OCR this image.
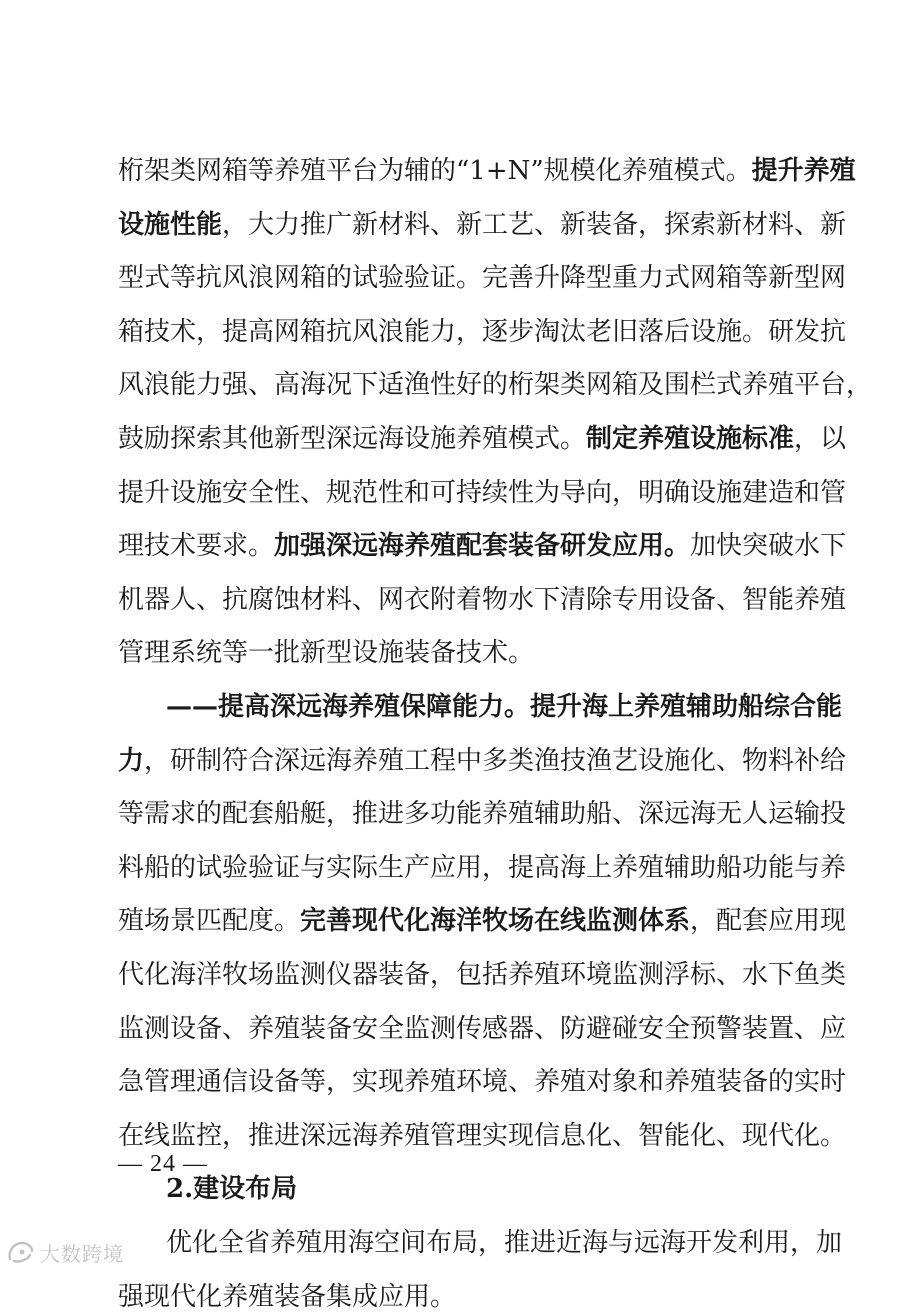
桁架类网箱等养殖平台为辅的“1+N”规模化养殖模式。提升养殖
设施性能，大力推广新材料、新工艺、新装备，探索新材料、新
型式等抗风浪网箱的试验验证。完善升降型重力式网箱等新型网
箱技术，提高网箱抗风浪能力，逐步淘汰老旧落后设施。研发抗
风浪能力强、高海况下适渔性好的桁架类网箱及围栏式养殖平台，
鼓励探索其他新型深远海设施养殖模式。制定养殖设施标准，以
提升设施安全性、规范性和可持续性为导向，明确设施建造和管
理技术要求。加强深远海养殖配套装备研发应用。加快突破水下
机器人、抗腐蚀材料、网衣附着物水下清除专用设备、智能养殖
管理系统等一批新型设施装备技术。
——提高深远海养殖保障能力。提升海上养殖辅助船综合能
力，研制符合深远海养殖工程中多类渔技渔艺设施化、物料补给
等需求的配套船艇，推进多功能养殖辅助船、深远海无人运输投
料船的试验验证与实际生产应用，提高海上养殖辅助船功能与养
殖场景匹配度。完善现代化海洋牧场在线监测体系，配套应用现
代化海洋牧场监测仪器装备，包括养殖环境监测浮标、水下鱼类
监测设备、养殖装备安全监测传感器、防避碰安全预警装置、应
急管理通信设备等，实现养殖环境、养殖对象和养殖装备的实时
在线监控，推进深远海养殖管理实现信息化、智能化、现代化。
2.建设布局
优化全省养殖用海空间布局，推进近海与远海开发利用，加
强现代化养殖装备集成应用。
— 24 —
大数跨境
